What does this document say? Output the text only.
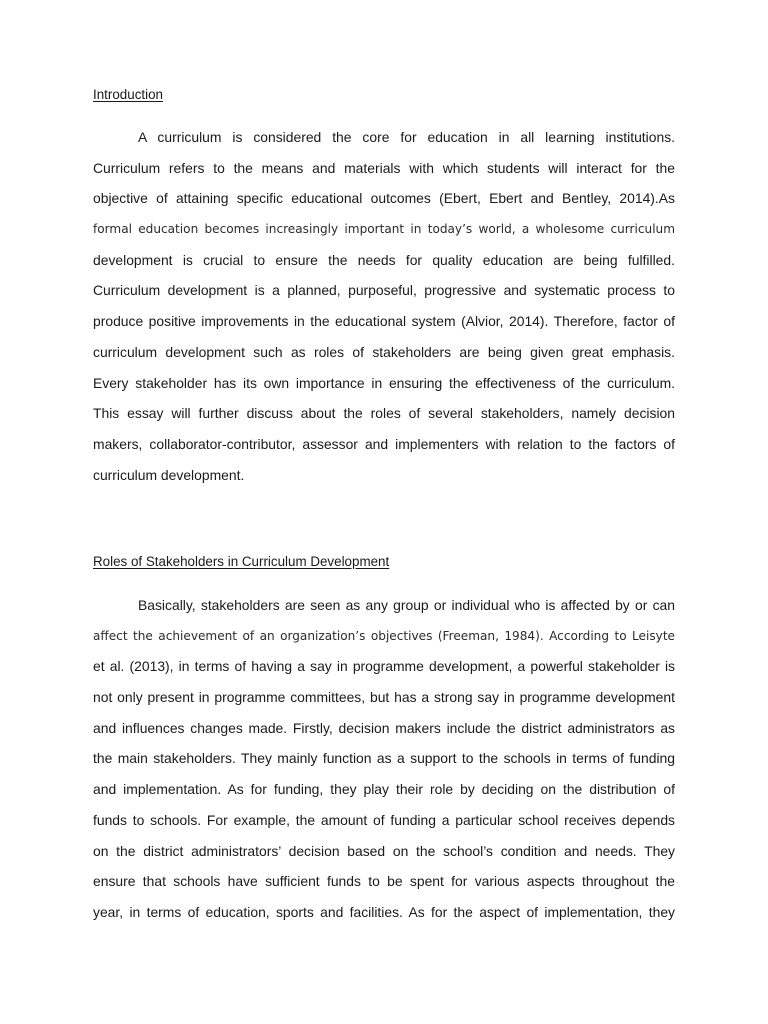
Introduction
A curriculum is considered the core for education in all learning institutions.
Curriculum refers to the means and materials with which students will interact for the
objective of attaining specific educational outcomes (Ebert, Ebert and Bentley, 2014).As
formal education becomes increasingly important in today’s world, a wholesome curriculum
development is crucial to ensure the needs for quality education are being fulfilled.
Curriculum development is a planned, purposeful, progressive and systematic process to
produce positive improvements in the educational system (Alvior, 2014). Therefore, factor of
curriculum development such as roles of stakeholders are being given great emphasis.
Every stakeholder has its own importance in ensuring the effectiveness of the curriculum.
This essay will further discuss about the roles of several stakeholders, namely decision
makers, collaborator-contributor, assessor and implementers with relation to the factors of
curriculum development.
Roles of Stakeholders in Curriculum Development
Basically, stakeholders are seen as any group or individual who is affected by or can
affect the achievement of an organization’s objectives (Freeman, 1984). According to Leisyte
et al. (2013), in terms of having a say in programme development, a powerful stakeholder is
not only present in programme committees, but has a strong say in programme development
and influences changes made. Firstly, decision makers include the district administrators as
the main stakeholders. They mainly function as a support to the schools in terms of funding
and implementation. As for funding, they play their role by deciding on the distribution of
funds to schools. For example, the amount of funding a particular school receives depends
on the district administrators’ decision based on the school’s condition and needs. They
ensure that schools have sufficient funds to be spent for various aspects throughout the
year, in terms of education, sports and facilities. As for the aspect of implementation, they
